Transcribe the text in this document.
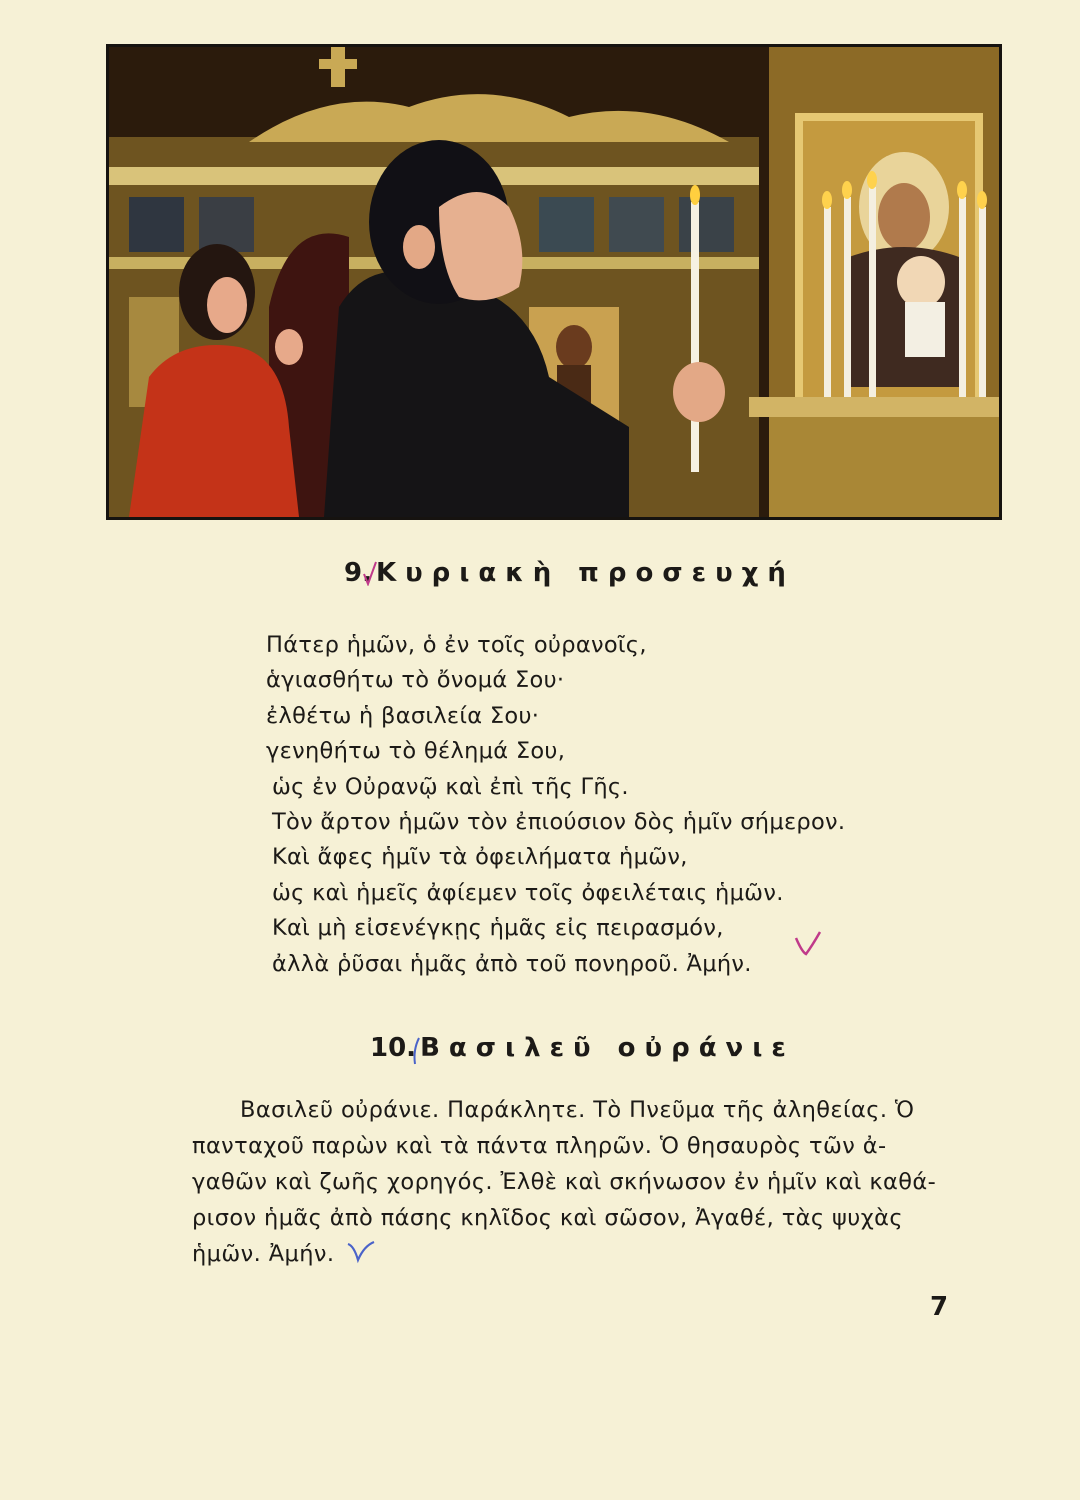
9. Κυριακὴ προσευχή
Πάτερ ἡμῶν, ὁ ἐν τοῖς οὐρανοῖς,
ἁγιασθήτω τὸ ὄνομά Σου·
ἐλθέτω ἡ βασιλεία Σου·
γενηθήτω τὸ θέλημά Σου,
ὡς ἐν Οὐρανῷ καὶ ἐπὶ τῆς Γῆς.
Τὸν ἄρτον ἡμῶν τὸν ἐπιούσιον δὸς ἡμῖν σήμερον.
Καὶ ἄφες ἡμῖν τὰ ὀφειλήματα ἡμῶν,
ὡς καὶ ἡμεῖς ἀφίεμεν τοῖς ὀφειλέταις ἡμῶν.
Καὶ μὴ εἰσενέγκῃς ἡμᾶς εἰς πειρασμόν,
ἀλλὰ ῥῦσαι ἡμᾶς ἀπὸ τοῦ πονηροῦ. Ἀμήν.
10. Βασιλεῦ οὐράνιε
Βασιλεῦ οὐράνιε. Παράκλητε. Τὸ Πνεῦμα τῆς ἀληθείας. Ὁ
πανταχοῦ παρὼν καὶ τὰ πάντα πληρῶν. Ὁ θησαυρὸς τῶν ἀ-
γαθῶν καὶ ζωῆς χορηγός. Ἐλθὲ καὶ σκήνωσον ἐν ἡμῖν καὶ καθά-
ρισον ἡμᾶς ἀπὸ πάσης κηλῖδος καὶ σῶσον, Ἀγαθέ, τὰς ψυχὰς
ἡμῶν. Ἀμήν.
7
